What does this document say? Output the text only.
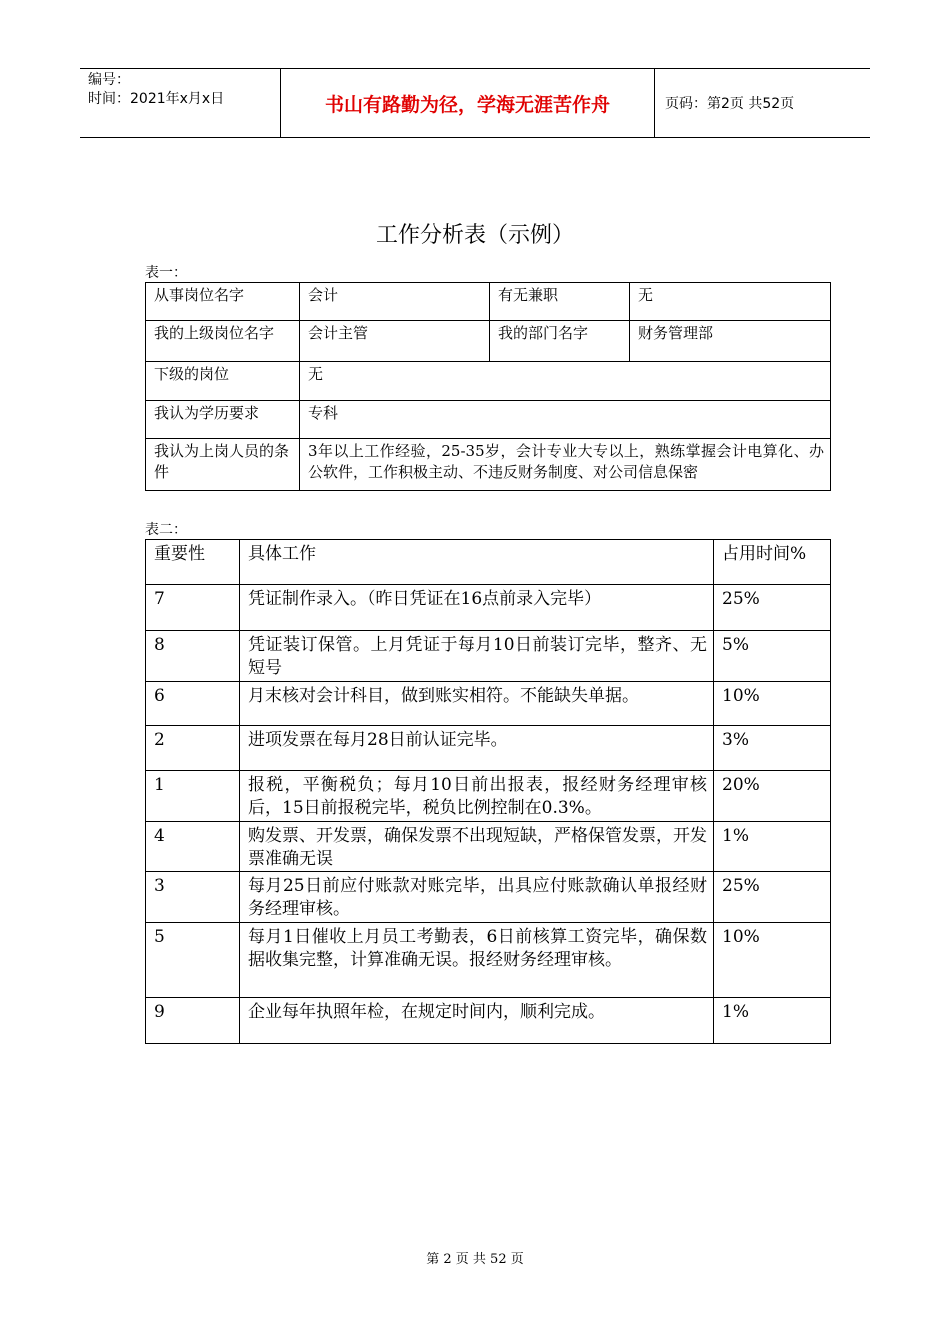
编号：
时间：2021年x月x日	书山有路勤为径，学海无涯苦作舟	页码：第2页 共52页
工作分析表（示例）
表一：
从事岗位名字	会计	有无兼职	无
我的上级岗位名字	会计主管	我的部门名字	财务管理部
下级的岗位	无		
我认为学历要求	专科		
我认为上岗人员的条件	3年以上工作经验，25-35岁，会计专业大专以上，熟练掌握会计电算化、办公软件，工作积极主动、不违反财务制度、对公司信息保密		
表二：
重要性	具体工作	占用时间%
7	凭证制作录入。（昨日凭证在16点前录入完毕）	25%
8	凭证装订保管。上月凭证于每月10日前装订完毕，整齐、无短号	5%
6	月末核对会计科目，做到账实相符。不能缺失单据。	10%
2	进项发票在每月28日前认证完毕。	3%
1	报税，平衡税负；每月10日前出报表，报经财务经理审核后，15日前报税完毕，税负比例控制在0.3%。	20%
4	购发票、开发票，确保发票不出现短缺，严格保管发票，开发票准确无误	1%
3	每月25日前应付账款对账完毕，出具应付账款确认单报经财务经理审核。	25%
5	每月1日催收上月员工考勤表，6日前核算工资完毕，确保数据收集完整，计算准确无误。报经财务经理审核。	10%
9	企业每年执照年检，在规定时间内，顺利完成。	1%
第 2 页 共 52 页
